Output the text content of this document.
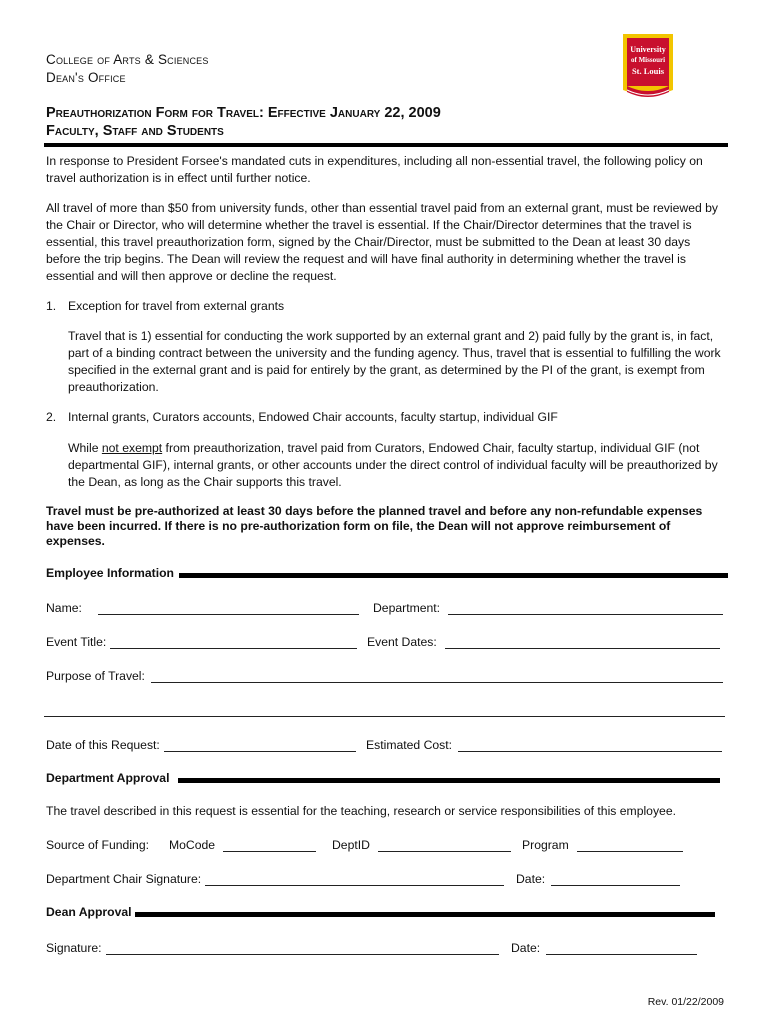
College of Arts & Sciences
Dean's Office
University
of Missouri
St. Louis
Preauthorization Form for Travel: Effective January 22, 2009
Faculty, Staff and Students
In response to President Forsee's mandated cuts in expenditures, including all non-essential travel, the following policy on travel authorization is in effect until further notice.
All travel of more than $50 from university funds, other than essential travel paid from an external grant, must be reviewed by the Chair or Director, who will determine whether the travel is essential. If the Chair/Director determines that the travel is essential, this travel preauthorization form, signed by the Chair/Director, must be submitted to the Dean at least 30 days before the trip begins. The Dean will review the request and will have final authority in determining whether the travel is essential and will then approve or decline the request.
1. Exception for travel from external grants
Travel that is 1) essential for conducting the work supported by an external grant and 2) paid fully by the grant is, in fact, part of a binding contract between the university and the funding agency. Thus, travel that is essential to fulfilling the work specified in the external grant and is paid for entirely by the grant, as determined by the PI of the grant, is exempt from preauthorization.
2. Internal grants, Curators accounts, Endowed Chair accounts, faculty startup, individual GIF
While not exempt from preauthorization, travel paid from Curators, Endowed Chair, faculty startup, individual GIF (not departmental GIF), internal grants, or other accounts under the direct control of individual faculty will be preauthorized by the Dean, as long as the Chair supports this travel.
Travel must be pre-authorized at least 30 days before the planned travel and before any non-refundable expenses have been incurred. If there is no pre-authorization form on file, the Dean will not approve reimbursement of expenses.
Employee Information
Name:	Department:
Event Title:	Event Dates:
Purpose of Travel:
Date of this Request:	Estimated Cost:
Department Approval
The travel described in this request is essential for the teaching, research or service responsibilities of this employee.
Source of Funding: MoCode	DeptID	Program
Department Chair Signature:	Date:
Dean Approval
Signature:	Date:
Rev. 01/22/2009
